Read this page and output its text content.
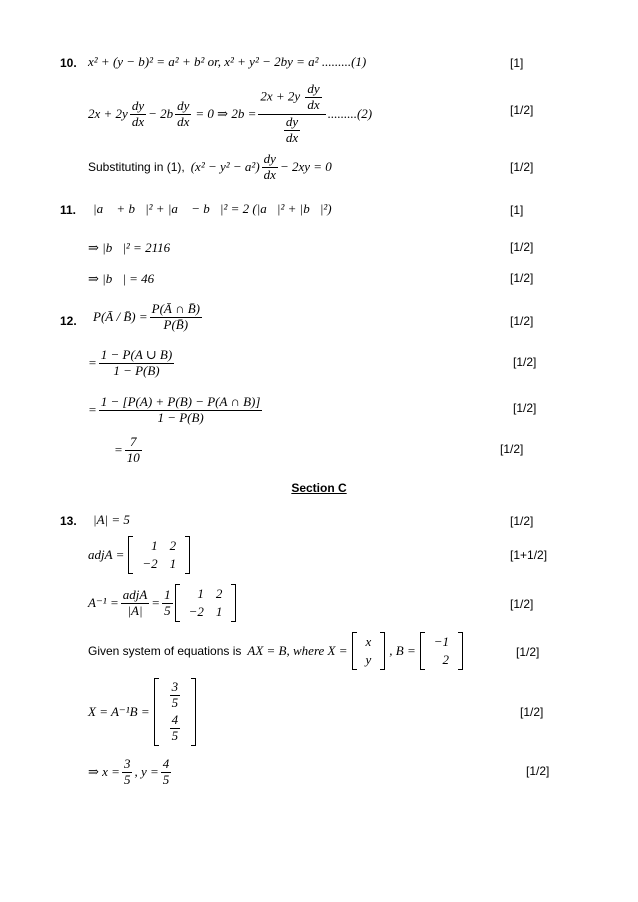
10. x² + (y − b)² = a² + b² or, x² + y² − 2by = a² .........(1)	[1]
$2x + 2y \frac{dy}{dx} - 2b \frac{dy}{dx} = 0$ ⇒ $2b = \frac{2x + 2y \frac{dy}{dx}}{\frac{dy}{dx}} .........(2)$	[1/2]
Substituting in (1), $(x^2 - y^2 - a^2) \frac{dy}{dx} - 2xy = 0$	[1/2]
11. |a⃗ + b⃗|² + |a⃗ − b⃗|² = 2 (|a⃗|² + |b⃗|²)	[1]
⇒ |b⃗|² = 2116	[1/2]
⇒ |b⃗| = 46	[1/2]
12. P(Ā / B̄) = $\frac{P(Ā \cap B̄)}{P(B̄)}$	[1/2]
= $\frac{1 - P(A \cup B)}{1 - P(B)}$	[1/2]
= $\frac{1 - [P(A) + P(B) - P(A \cap B)]}{1 - P(B)}$	[1/2]
= $\frac{7}{10}$	[1/2]
Section C
13. |A| = 5	[1/2]
adjA =
1	2
−2	1
[1+1/2]
$A^{-1} = \frac{\text{adjA}}{|A|} = \frac{1}{5} 1$	2
−2	1	[1/2]
Given system of equations is AX = B, where X =
x
y
, B =
−1
2	[1/2]
X = A⁻¹B =
$\frac{3}{5}$

$\frac{4}{5}$
[1/2]
⇒ $x = \frac{3}{5}$ , $y = \frac{4}{5}$	[1/2]
